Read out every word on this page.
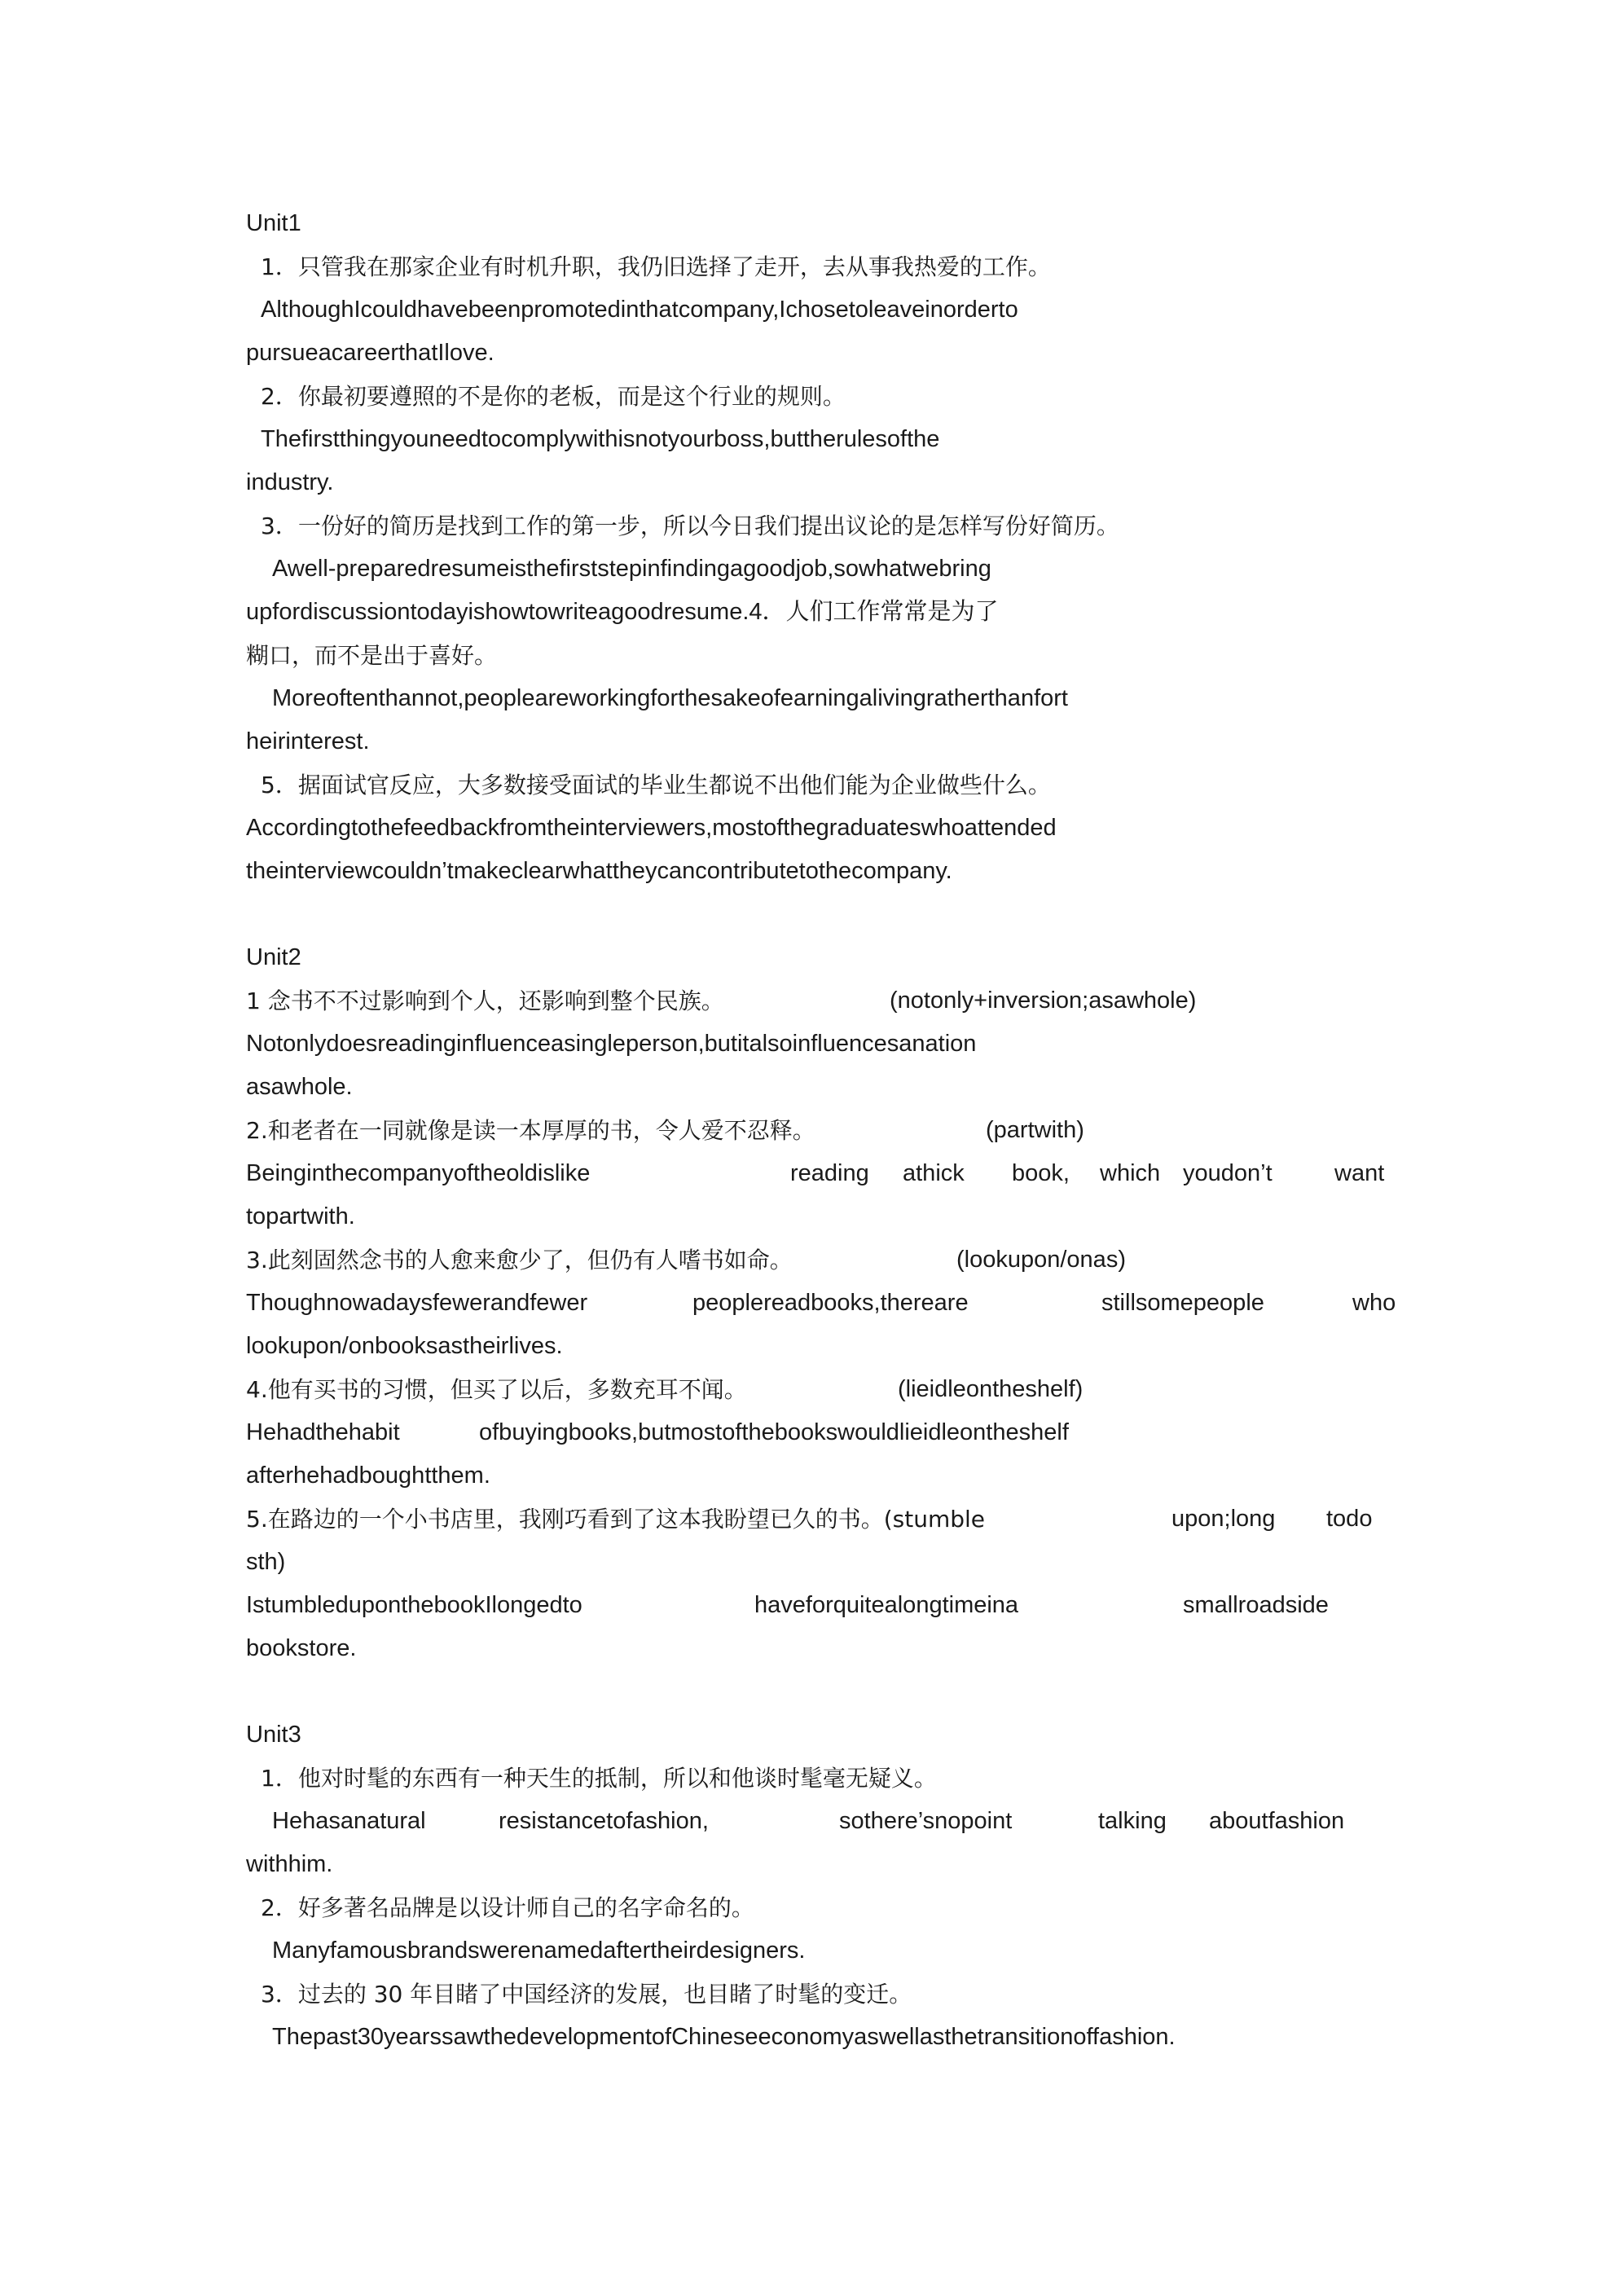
Unit1
1．只管我在那家企业有时机升职，我仍旧选择了走开，去从事我热爱的工作。
AlthoughIcouldhavebeenpromotedinthatcompany,Ichosetoleaveinorderto
pursueacareerthatIlove.
2．你最初要遵照的不是你的老板，而是这个行业的规则。
Thefirstthingyouneedtocomplywithisnotyourboss,buttherulesofthe
industry.
3．一份好的简历是找到工作的第一步，所以今日我们提出议论的是怎样写份好简历。
Awell-preparedresumeisthefirststepinfindingagoodjob,sowhatwebring
upfordiscussiontodayishowtowriteagoodresume.4．人们工作常常是为了
糊口，而不是出于喜好。
Moreoftenthannot,peopleareworkingforthesakeofearningalivingratherthanfort
heirinterest.
5．据面试官反应，大多数接受面试的毕业生都说不出他们能为企业做些什么。
Accordingtothefeedbackfromtheinterviewers,mostofthegraduateswhoattended
theinterviewcouldn’tmakeclearwhattheycancontributetothecompany.
Unit2
1 念书不不过影响到个人，还影响到整个民族。	(notonly+inversion;asawhole)
Notonlydoesreadinginfluenceasingleperson,butitalsoinfluencesanation
asawhole.
2.和老者在一同就像是读一本厚厚的书，令人爱不忍释。	(partwith)
Beinginthecompanyoftheoldislike	reading athick book, which youdon’t	want
topartwith.
3.此刻固然念书的人愈来愈少了，但仍有人嗜书如命。	(lookupon/onas)
Thoughnowadaysfewerandfewer	peoplereadbooks,thereare	stillsomepeople	who
lookupon/onbooksastheirlives.
4.他有买书的习惯，但买了以后，多数充耳不闻。	(lieidleontheshelf)
Hehadthehabit	ofbuyingbooks,butmostofthebookswouldlieidleontheshelf
afterhehadboughtthem.
5.在路边的一个小书店里，我刚巧看到了这本我盼望已久的书。(stumble	upon;long todo
sth)
IstumbleduponthebookIlongedto	haveforquitealongtimeina	smallroadside
bookstore.
Unit3
1．他对时髦的东西有一种天生的抵制，所以和他谈时髦毫无疑义。
Hehasanatural	resistancetofashion,	sothere’snopoint	talking aboutfashion
withhim.
2．好多著名品牌是以设计师自己的名字命名的。
Manyfamousbrandswerenamedaftertheirdesigners.
3．过去的 30 年目睹了中国经济的发展，也目睹了时髦的变迁。
Thepast30yearssawthedevelopmentofChineseeconomyaswellasthetransitionoffashion.
